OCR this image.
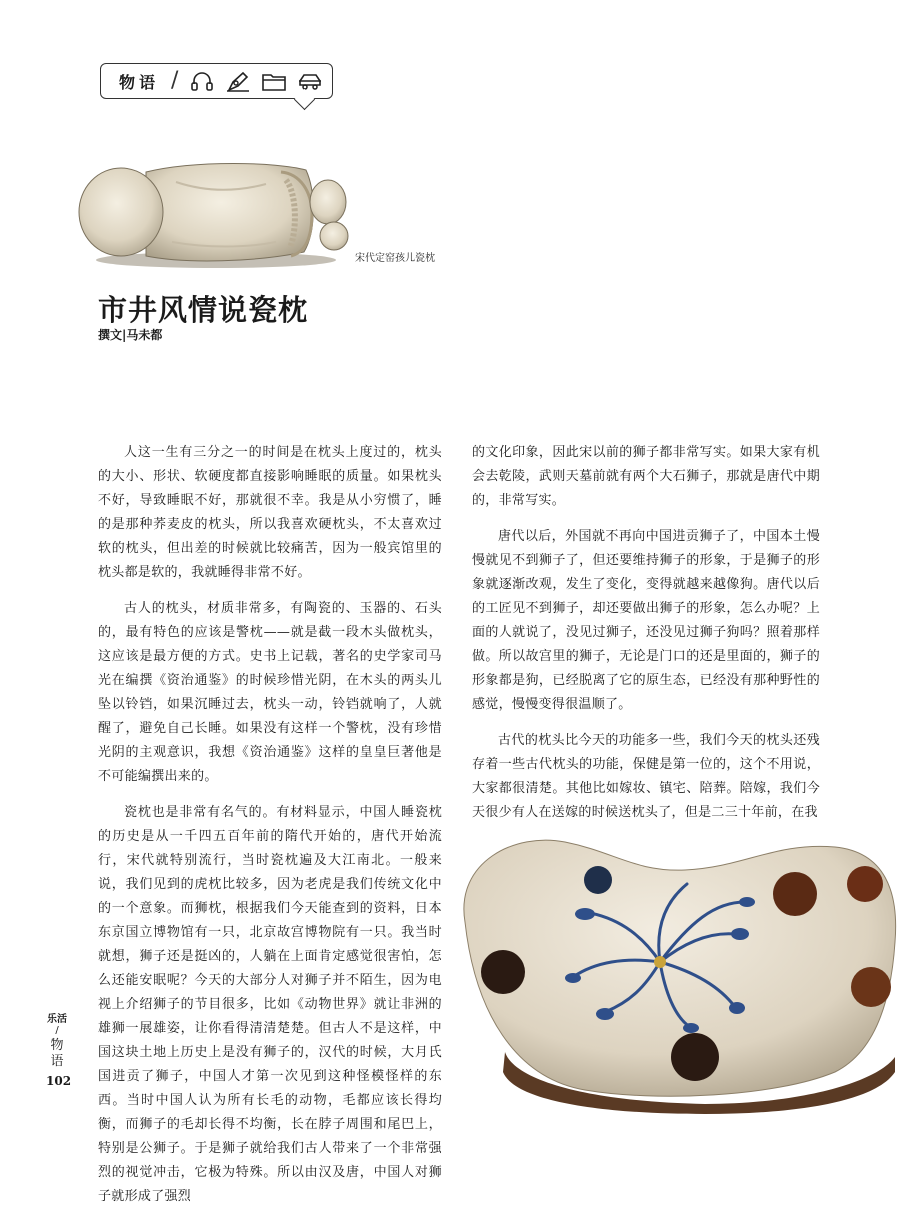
物语 /
宋代定窑孩儿瓷枕
市井风情说瓷枕
撰文|马未都

人这一生有三分之一的时间是在枕头上度过的，枕头的大小、形状、软硬度都直接影响睡眠的质量。如果枕头不好，导致睡眠不好，那就很不幸。我是从小穷惯了，睡的是那种荞麦皮的枕头，所以我喜欢硬枕头，不太喜欢过软的枕头，但出差的时候就比较痛苦，因为一般宾馆里的枕头都是软的，我就睡得非常不好。

古人的枕头，材质非常多，有陶瓷的、玉器的、石头的，最有特色的应该是警枕——就是截一段木头做枕头，这应该是最方便的方式。史书上记载，著名的史学家司马光在编撰《资治通鉴》的时候珍惜光阴，在木头的两头儿坠以铃铛，如果沉睡过去，枕头一动，铃铛就响了，人就醒了，避免自己长睡。如果没有这样一个警枕，没有珍惜光阴的主观意识，我想《资治通鉴》这样的皇皇巨著他是不可能编撰出来的。

瓷枕也是非常有名气的。有材料显示，中国人睡瓷枕的历史是从一千四五百年前的隋代开始的，唐代开始流行，宋代就特别流行，当时瓷枕遍及大江南北。一般来说，我们见到的虎枕比较多，因为老虎是我们传统文化中的一个意象。而狮枕，根据我们今天能查到的资料，日本东京国立博物馆有一只，北京故宫博物院有一只。我当时就想，狮子还是挺凶的，人躺在上面肯定感觉很害怕，怎么还能安眠呢？今天的大部分人对狮子并不陌生，因为电视上介绍狮子的节目很多，比如《动物世界》就让非洲的雄狮一展雄姿，让你看得清清楚楚。但古人不是这样，中国这块土地上历史上是没有狮子的，汉代的时候，大月氏国进贡了狮子，中国人才第一次见到这种怪模怪样的东西。当时中国人认为所有长毛的动物，毛都应该长得均衡，而狮子的毛却长得不均衡，长在脖子周围和尾巴上，特别是公狮子。于是狮子就给我们古人带来了一个非常强烈的视觉冲击，它极为特殊。所以由汉及唐，中国人对狮子就形成了强烈

的文化印象，因此宋以前的狮子都非常写实。如果大家有机会去乾陵，武则天墓前就有两个大石狮子，那就是唐代中期的，非常写实。

唐代以后，外国就不再向中国进贡狮子了，中国本土慢慢就见不到狮子了，但还要维持狮子的形象，于是狮子的形象就逐渐改观，发生了变化，变得就越来越像狗。唐代以后的工匠见不到狮子，却还要做出狮子的形象，怎么办呢？上面的人就说了，没见过狮子，还没见过狮子狗吗？照着那样做。所以故宫里的狮子，无论是门口的还是里面的，狮子的形象都是狗，已经脱离了它的原生态，已经没有那种野性的感觉，慢慢变得很温顺了。

古代的枕头比今天的功能多一些，我们今天的枕头还残存着一些古代枕头的功能，保健是第一位的，这个不用说，大家都很清楚。其他比如嫁妆、镇宅、陪葬。陪嫁，我们今天很少有人在送嫁的时候送枕头了，但是二三十年前，在我

乐活
/
物
语
102
